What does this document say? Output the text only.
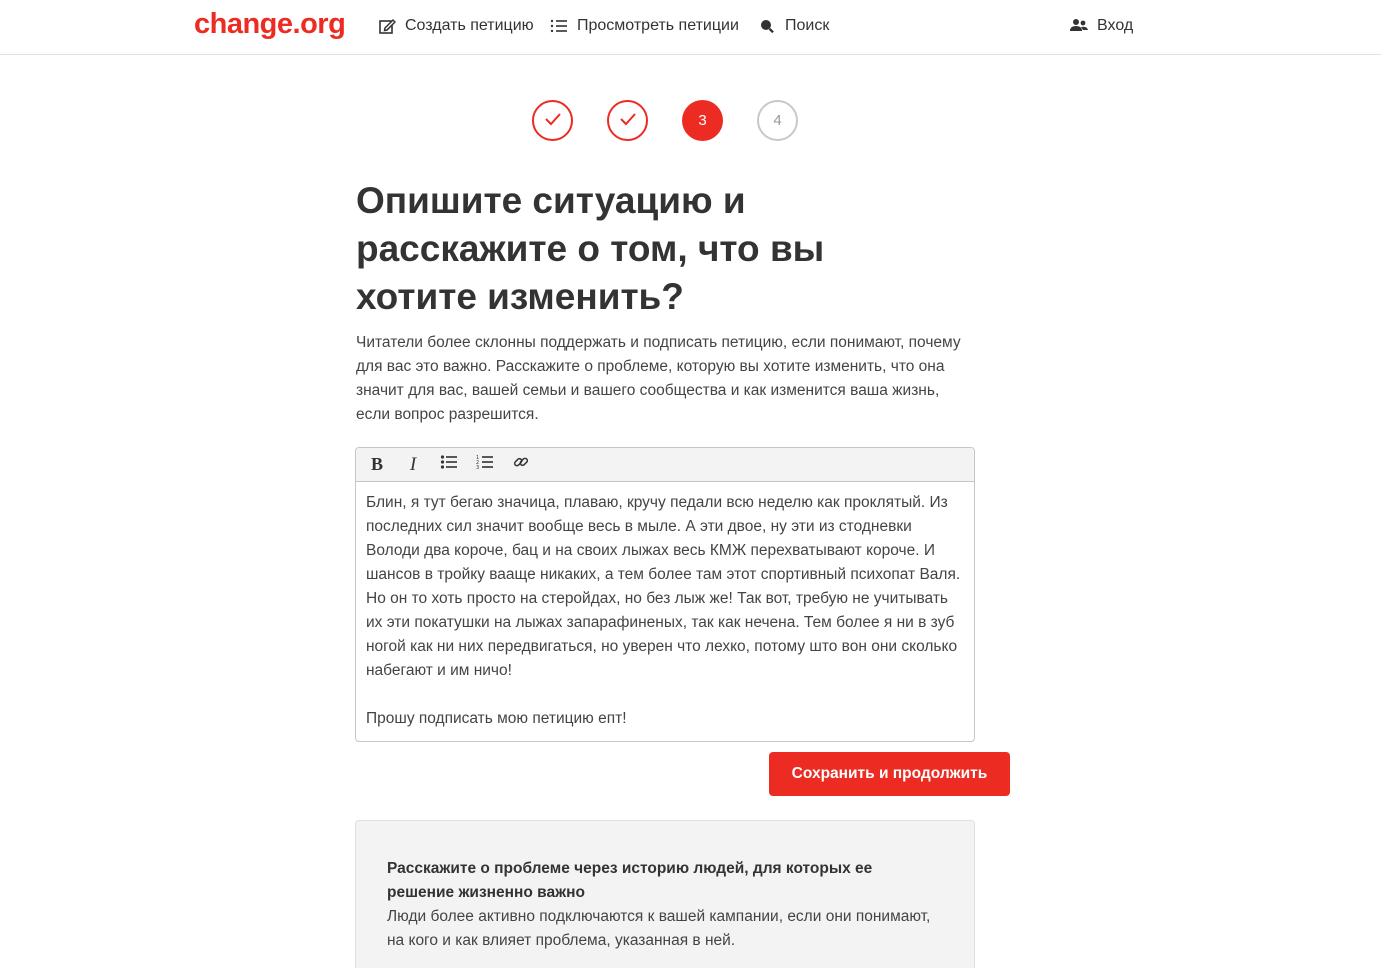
change.org	Создать петицию	Просмотреть петиции	Поиск	Вход
3	4
Опишите ситуацию и расскажите о том, что вы хотите изменить?

Читатели более склонны поддержать и подписать петицию, если понимают, почему для вас это важно. Расскажите о проблеме, которую вы хотите изменить, что она значит для вас, вашей семьи и вашего сообщества и как изменится ваша жизнь, если вопрос разрешится.

B	I	1
2
3

Блин, я тут бегаю значица, плаваю, кручу педали всю неделю как проклятый. Из последних сил значит вообще весь в мыле. А эти двое, ну эти из стодневки Володи два короче, бац и на своих лыжах весь КМЖ перехватывают короче. И шансов в тройку вааще никаких, а тем более там этот спортивный психопат Валя. Но он то хоть просто на стеройдах, но без лыж же! Так вот, требую не учитывать их эти покатушки на лыжах запарафиненых, так как нечена. Тем более я ни в зуб ногой как ни них передвигаться, но уверен что лехко, потому што вон они сколько набегают и им ничо!

Прошу подписать мою петицию епт!

Сохранить и продолжить
Расскажите о проблеме через историю людей, для которых ее решение жизненно важно
Люди более активно подключаются к вашей кампании, если они понимают, на кого и как влияет проблема, указанная в ней.
